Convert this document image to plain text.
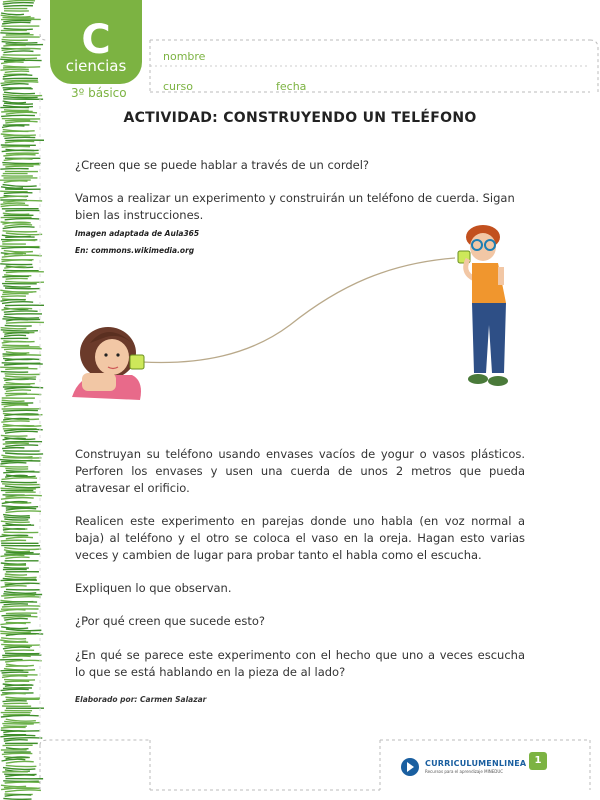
C
ciencias
3º básico
nombre
curso	fecha
ACTIVIDAD: CONSTRUYENDO UN TELÉFONO
¿Creen que se puede hablar a través de un cordel?
Vamos a realizar un experimento y construirán un teléfono de cuerda. Sigan bien las instrucciones.
Imagen adaptada de Aula365
En: commons.wikimedia.org
Construyan su teléfono usando envases vacíos de yogur o vasos plásticos. Perforen los envases y usen una cuerda de unos 2 metros que pueda atravesar el orificio.
Realicen este experimento en parejas donde uno habla (en voz normal a baja) al teléfono y el otro se coloca el vaso en la oreja. Hagan esto varias veces y cambien de lugar para probar tanto el habla como el escucha.
Expliquen lo que observan.
¿Por qué creen que sucede esto?
¿En qué se parece este experimento con el hecho que uno a veces escucha lo que se está hablando en la pieza de al lado?
Elaborado por: Carmen Salazar
CURRICULUMENLINEA
Recursos para el aprendizaje MINEDUC
1
